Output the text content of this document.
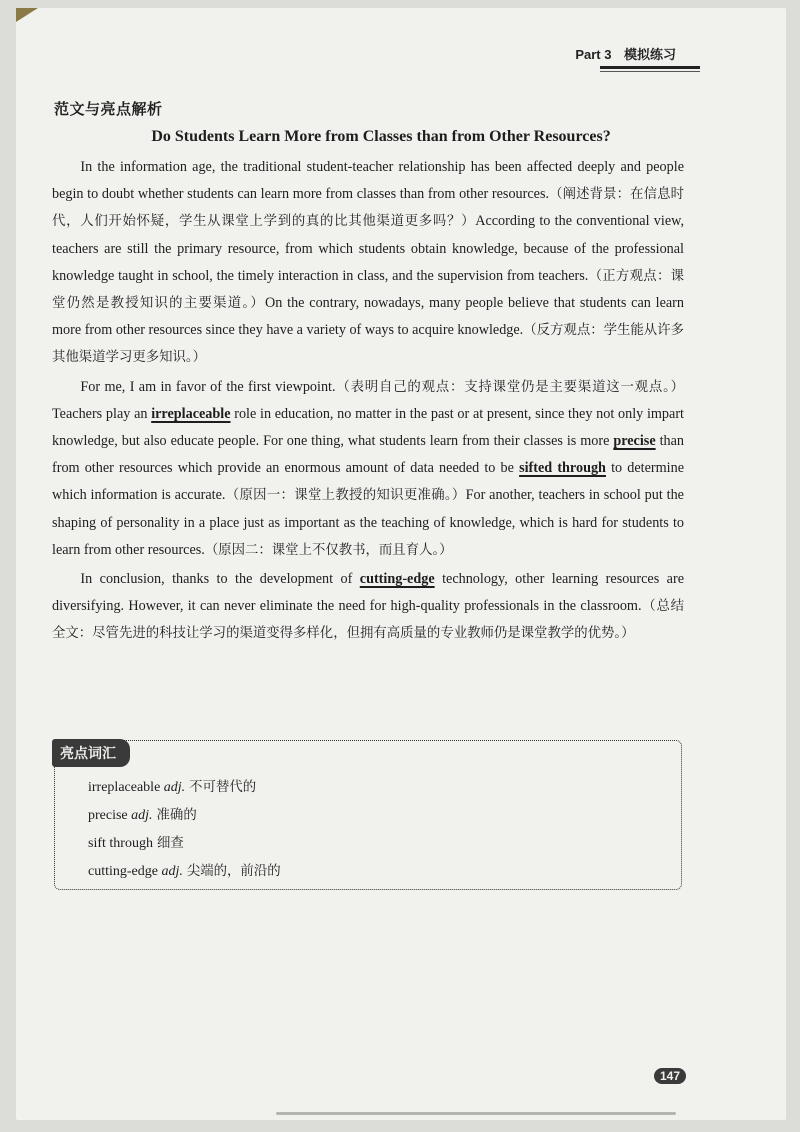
Part 3 模拟练习
范文与亮点解析
Do Students Learn More from Classes than from Other Resources?

In the information age, the traditional student-teacher relationship has been affected deeply and people begin to doubt whether students can learn more from classes than from other resources.（阐述背景：在信息时代，人们开始怀疑，学生从课堂上学到的真的比其他渠道更多吗？）According to the conventional view, teachers are still the primary resource, from which students obtain knowledge, because of the professional knowledge taught in school, the timely interaction in class, and the supervision from teachers.（正方观点：课堂仍然是教授知识的主要渠道。）On the contrary, nowadays, many people believe that students can learn more from other resources since they have a variety of ways to acquire knowledge.（反方观点：学生能从许多其他渠道学习更多知识。）

For me, I am in favor of the first viewpoint.（表明自己的观点：支持课堂仍是主要渠道这一观点。）Teachers play an irreplaceable role in education, no matter in the past or at present, since they not only impart knowledge, but also educate people. For one thing, what students learn from their classes is more precise than from other resources which provide an enormous amount of data needed to be sifted through to determine which information is accurate.（原因一：课堂上教授的知识更准确。）For another, teachers in school put the shaping of personality in a place just as important as the teaching of knowledge, which is hard for students to learn from other resources.（原因二：课堂上不仅教书，而且育人。）

In conclusion, thanks to the development of cutting-edge technology, other learning resources are diversifying. However, it can never eliminate the need for high-quality professionals in the classroom.（总结全文：尽管先进的科技让学习的渠道变得多样化，但拥有高质量的专业教师仍是课堂教学的优势。）

亮点词汇
irreplaceable adj. 不可替代的
precise adj. 准确的
sift through 细查
cutting-edge adj. 尖端的，前沿的
147
